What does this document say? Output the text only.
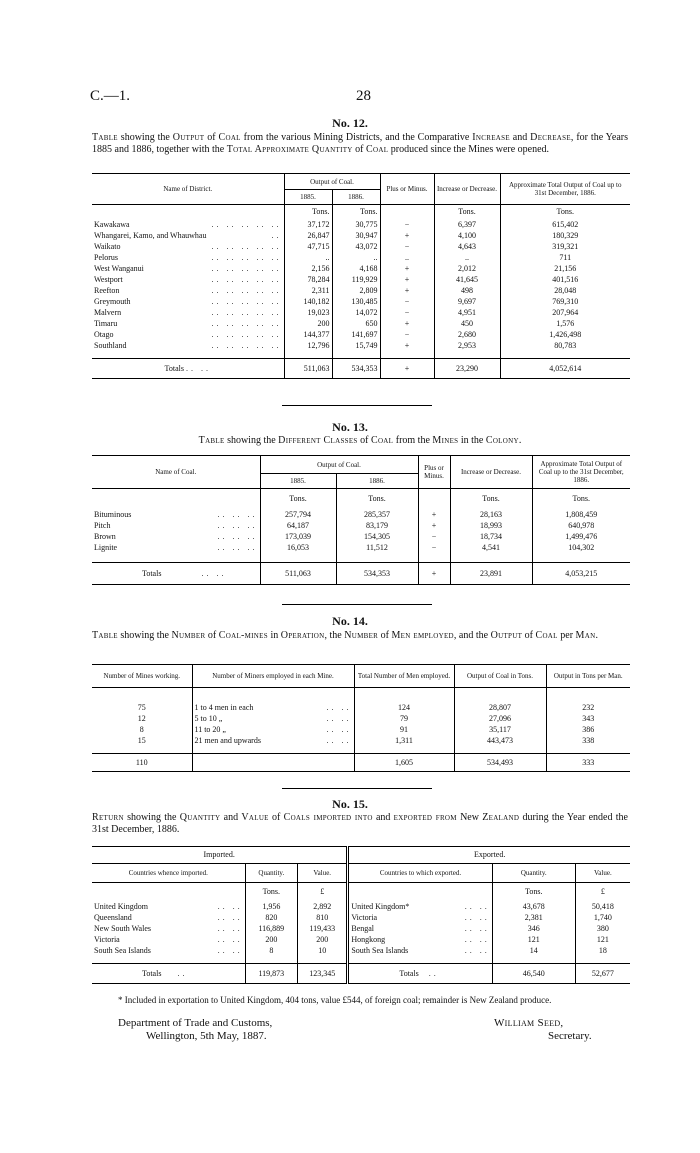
C.—1.	28
No. 12.
Table showing the Output of Coal from the various Mining Districts, and the Comparative Increase and Decrease, for the Years 1885 and 1886, together with the Total Approximate Quantity of Coal produced since the Mines were opened.
Name of District.	Output of Coal.		Plus or Minus.	Increase or Decrease.	Approximate Total Output of Coal up to 31st December, 1886.
	1885.	1886.			
	Tons.	Tons.		Tons.	Tons.
Kawakawa .. .. .. .. ..	37,172	30,775	−	6,397	615,402
Whangarei, Kamo, and Whauwhau ..	26,847	30,947	+	4,100	180,329
Waikato .. .. .. .. ..	47,715	43,072	−	4,643	319,321
Pelorus .. .. .. .. ..	..	..	..	..	711
West Wanganui .. .. .. .. ..	2,156	4,168	+	2,012	21,156
Westport .. .. .. .. ..	78,284	119,929	+	41,645	401,516
Reefton .. .. .. .. ..	2,311	2,809	+	498	28,048
Greymouth .. .. .. .. ..	140,182	130,485	−	9,697	769,310
Malvern .. .. .. .. ..	19,023	14,072	−	4,951	207,964
Timaru .. .. .. .. ..	200	650	+	450	1,576
Otago .. .. .. .. ..	144,377	141,697	−	2,680	1,426,498
Southland .. .. .. .. ..	12,796	15,749	+	2,953	80,783

Totals .. ..	511,063	534,353	+	23,290	4,052,614
No. 13.
Table showing the Different Classes of Coal from the Mines in the Colony.
Name of Coal.	Output of Coal.		Plus or Minus.	Increase or Decrease.	Approximate Total Output of Coal up to the 31st December, 1886.
	1885.	1886.			
	Tons.	Tons.		Tons.	Tons.
Bituminous .. .. ..	257,794	285,357	+	28,163	1,808,459
Pitch .. .. ..	64,187	83,179	+	18,993	640,978
Brown .. .. ..	173,039	154,305	−	18,734	1,499,476
Lignite .. .. ..	16,053	11,512	−	4,541	104,302

Totals .. ..	511,063	534,353	+	23,891	4,053,215
No. 14.
Table showing the Number of Coal-mines in Operation, the Number of Men employed, and the Output of Coal per Man.
Number of Mines working.	Number of Miners employed in each Mine.	Total Number of Men employed.	Output of Coal in Tons.	Output in Tons per Man.

75	1 to 4 men in each .. ..	124	28,807	232
12	5 to 10 „ .. ..	79	27,096	343
8	11 to 20 „ .. ..	91	35,117	386
15	21 men and upwards .. ..	1,311	443,473	338

110		1,605	534,493	333
No. 15.
Return showing the Quantity and Value of Coals imported into and exported from New Zealand during the Year ended the 31st December, 1886.
Imported.			Exported.		
Countries whence imported.	Quantity.	Value.	Countries to which exported.	Quantity.	Value.
	Tons.	£		Tons.	£
United Kingdom .. ..	1,956	2,892	United Kingdom* .. ..	43,678	50,418
Queensland .. ..	820	810	Victoria .. ..	2,381	1,740
New South Wales .. ..	116,889	119,433	Bengal .. ..	346	380
Victoria .. ..	200	200	Hongkong .. ..	121	121
South Sea Islands .. ..	8	10	South Sea Islands .. ..	14	18

Totals ..	119,873	123,345	Totals ..	46,540	52,677
* Included in exportation to United Kingdom, 404 tons, value £544, of foreign coal; remainder is New Zealand produce.
Department of Trade and Customs,
Wellington, 5th May, 1887.
William Seed,
Secretary.
